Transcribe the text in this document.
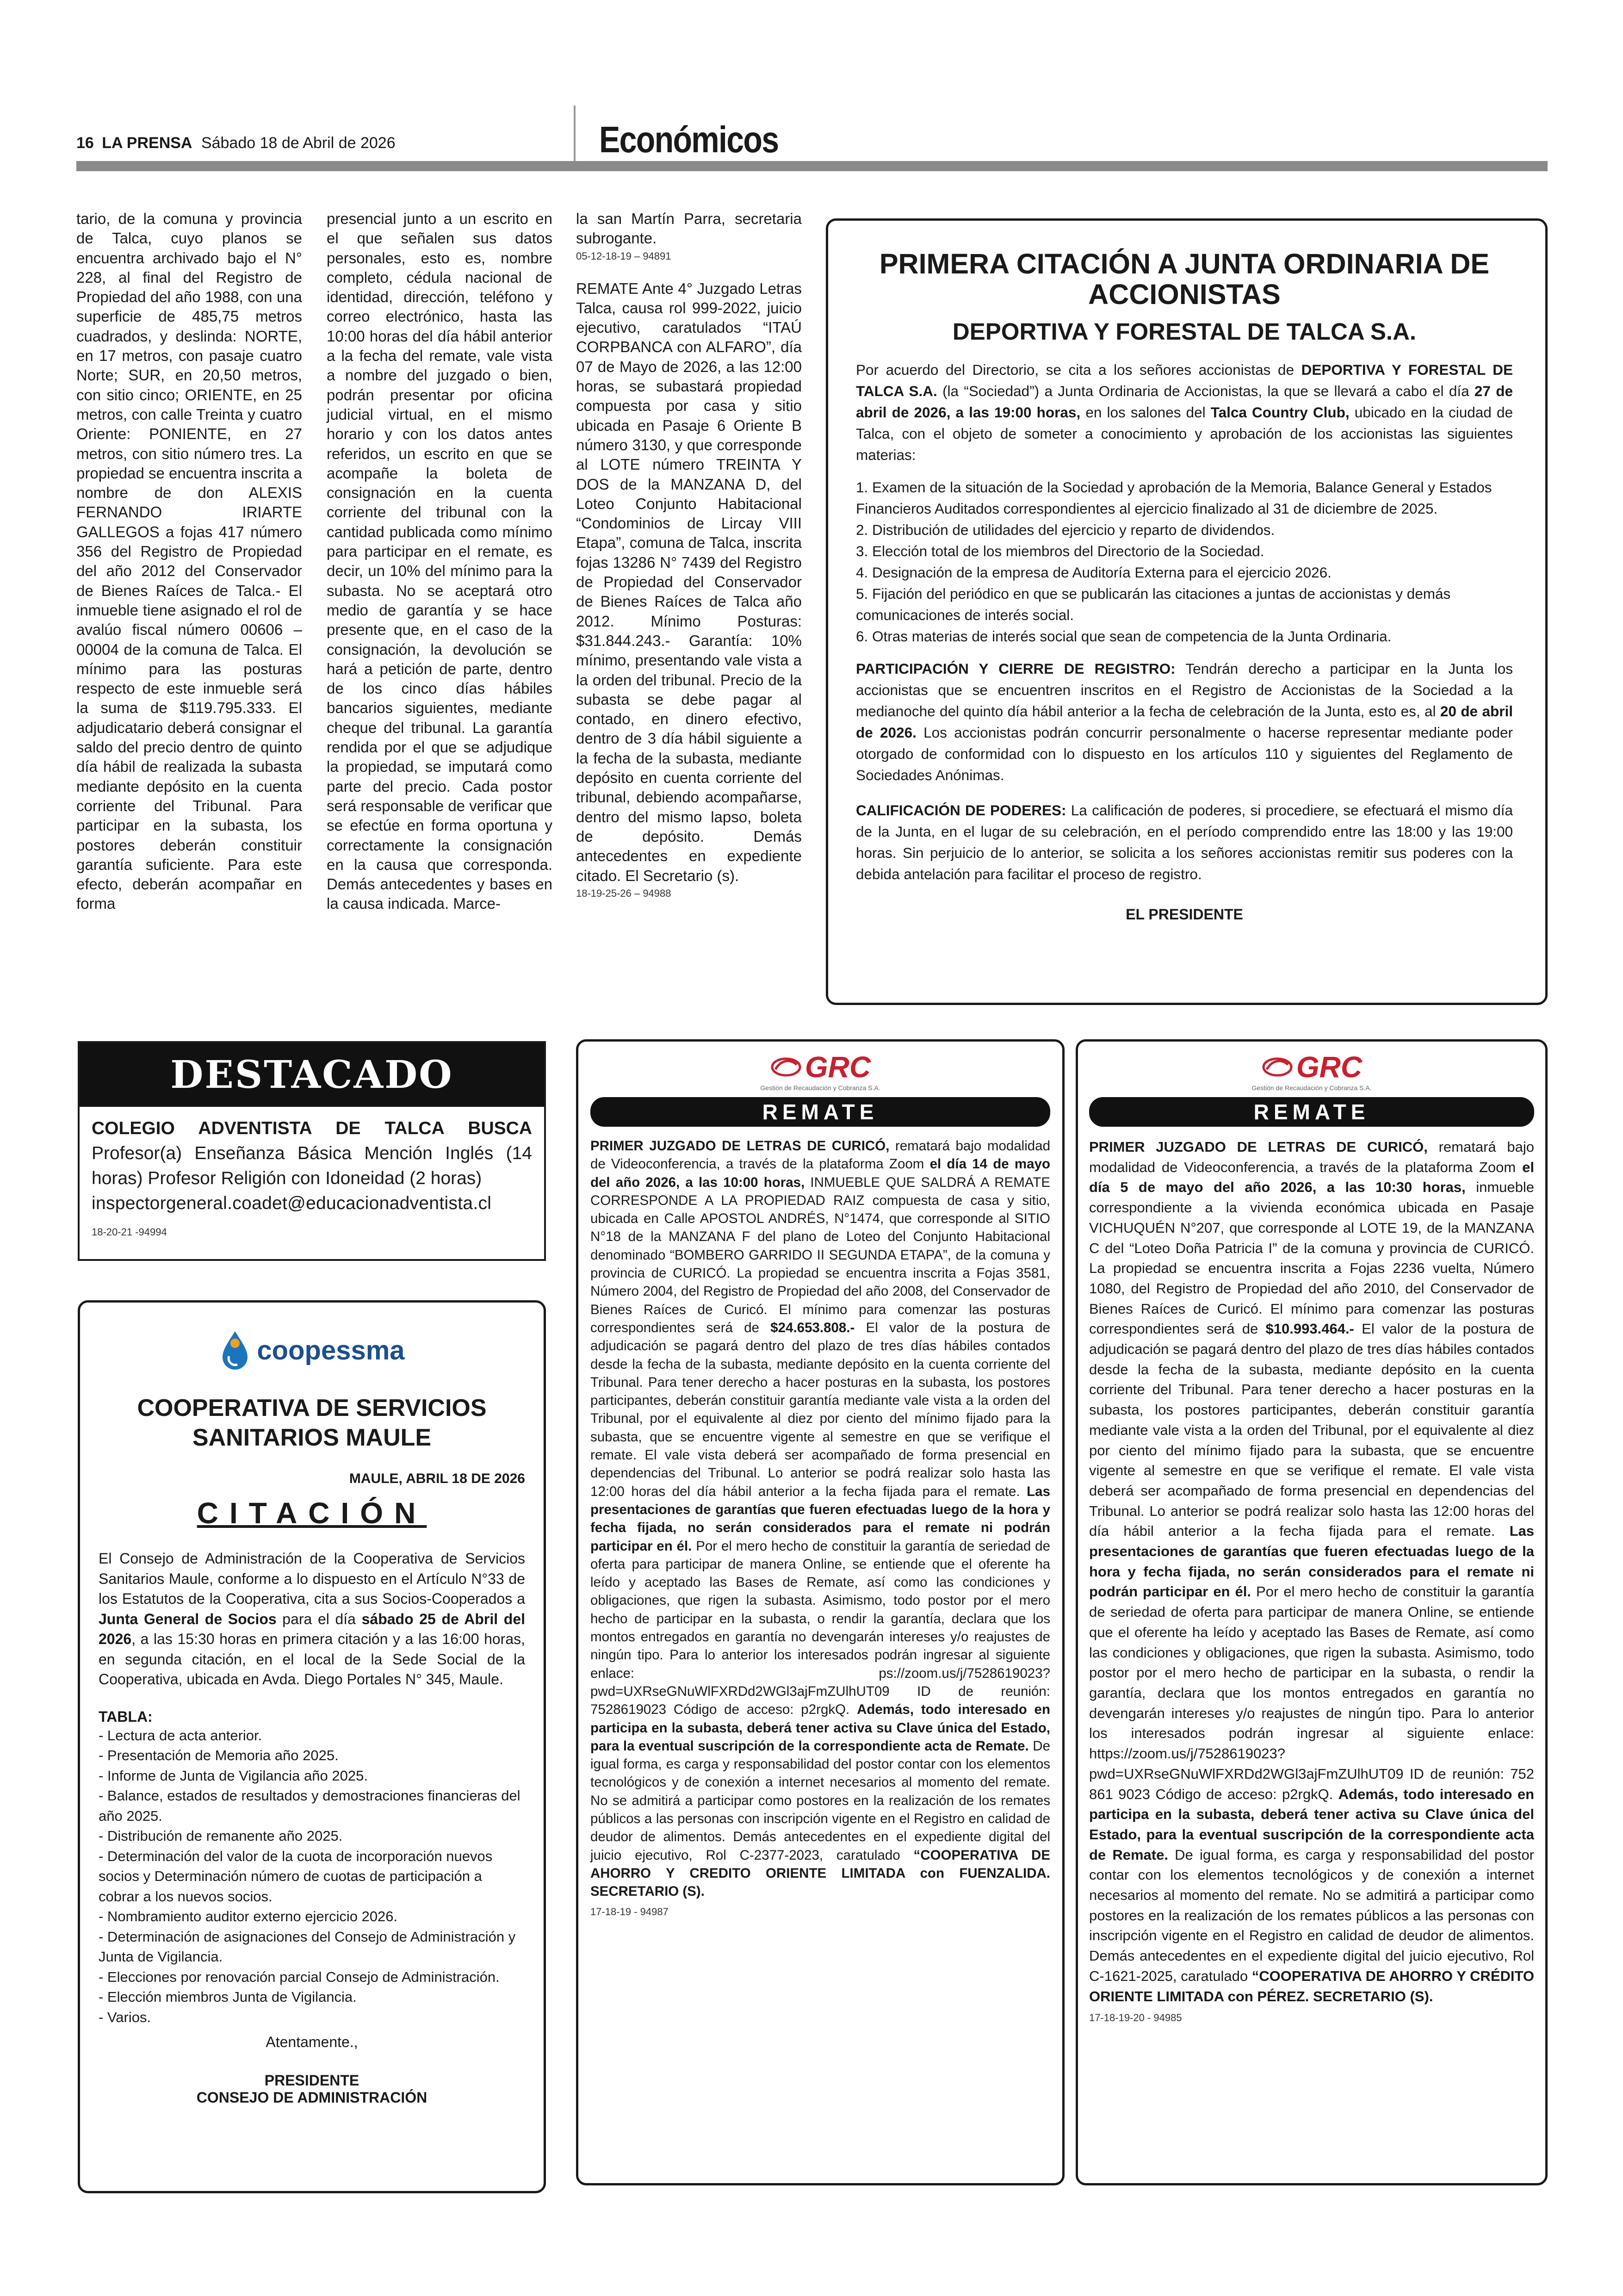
16 LA PRENSA Sábado 18 de Abril de 2026	Económicos
tario, de la comuna y provincia de Talca, cuyo planos se encuentra archivado bajo el N° 228, al final del Registro de Propiedad del año 1988, con una superficie de 485,75 metros cuadrados, y deslinda: NORTE, en 17 metros, con pasaje cuatro Norte; SUR, en 20,50 metros, con sitio cinco; ORIENTE, en 25 metros, con calle Treinta y cuatro Oriente: PONIENTE, en 27 metros, con sitio número tres. La propiedad se encuentra inscrita a nombre de don ALEXIS FERNANDO IRIARTE GALLEGOS a fojas 417 número 356 del Registro de Propiedad del año 2012 del Conservador de Bienes Raíces de Talca.- El inmueble tiene asignado el rol de avalúo fiscal número 00606 – 00004 de la comuna de Talca. El mínimo para las posturas respecto de este inmueble será la suma de $119.795.333. El adjudicatario deberá consignar el saldo del precio dentro de quinto día hábil de realizada la subasta mediante depósito en la cuenta corriente del Tribunal. Para participar en la subasta, los postores deberán constituir garantía suficiente. Para este efecto, deberán acompañar en forma
presencial junto a un escrito en el que señalen sus datos personales, esto es, nombre completo, cédula nacional de identidad, dirección, teléfono y correo electrónico, hasta las 10:00 horas del día hábil anterior a la fecha del remate, vale vista a nombre del juzgado o bien, podrán presentar por oficina judicial virtual, en el mismo horario y con los datos antes referidos, un escrito en que se acompañe la boleta de consignación en la cuenta corriente del tribunal con la cantidad publicada como mínimo para participar en el remate, es decir, un 10% del mínimo para la subasta. No se aceptará otro medio de garantía y se hace presente que, en el caso de la consignación, la devolución se hará a petición de parte, dentro de los cinco días hábiles bancarios siguientes, mediante cheque del tribunal. La garantía rendida por el que se adjudique la propiedad, se imputará como parte del precio. Cada postor será responsable de verificar que se efectúe en forma oportuna y correctamente la consignación en la causa que corresponda. Demás antecedentes y bases en la causa indicada. Marce-
la san Martín Parra, secretaria subrogante.
05-12-18-19 – 94891
REMATE Ante 4° Juzgado Letras Talca, causa rol 999-2022, juicio ejecutivo, caratulados “ITAÚ CORPBANCA con ALFARO”, día 07 de Mayo de 2026, a las 12:00 horas, se subastará propiedad compuesta por casa y sitio ubicada en Pasaje 6 Oriente B número 3130, y que corresponde al LOTE número TREINTA Y DOS de la MANZANA D, del Loteo Conjunto Habitacional “Condominios de Lircay VIII Etapa”, comuna de Talca, inscrita fojas 13286 N° 7439 del Registro de Propiedad del Conservador de Bienes Raíces de Talca año 2012. Mínimo Posturas: $31.844.243.- Garantía: 10% mínimo, presentando vale vista a la orden del tribunal. Precio de la subasta se debe pagar al contado, en dinero efectivo, dentro de 3 día hábil siguiente a la fecha de la subasta, mediante depósito en cuenta corriente del tribunal, debiendo acompañarse, dentro del mismo lapso, boleta de depósito. Demás antecedentes en expediente citado. El Secretario (s).
18-19-25-26 – 94988
PRIMERA CITACIÓN A JUNTA ORDINARIA DE ACCIONISTAS
DEPORTIVA Y FORESTAL DE TALCA S.A.
Por acuerdo del Directorio, se cita a los señores accionistas de DEPORTIVA Y FORESTAL DE TALCA S.A. (la “Sociedad”) a Junta Ordinaria de Accionistas, la que se llevará a cabo el día 27 de abril de 2026, a las 19:00 horas, en los salones del Talca Country Club, ubicado en la ciudad de Talca, con el objeto de someter a conocimiento y aprobación de los accionistas las siguientes materias:
1. Examen de la situación de la Sociedad y aprobación de la Memoria, Balance General y Estados Financieros Auditados correspondientes al ejercicio finalizado al 31 de diciembre de 2025.
2. Distribución de utilidades del ejercicio y reparto de dividendos.
3. Elección total de los miembros del Directorio de la Sociedad.
4. Designación de la empresa de Auditoría Externa para el ejercicio 2026.
5. Fijación del periódico en que se publicarán las citaciones a juntas de accionistas y demás comunicaciones de interés social.
6. Otras materias de interés social que sean de competencia de la Junta Ordinaria.
PARTICIPACIÓN Y CIERRE DE REGISTRO: Tendrán derecho a participar en la Junta los accionistas que se encuentren inscritos en el Registro de Accionistas de la Sociedad a la medianoche del quinto día hábil anterior a la fecha de celebración de la Junta, esto es, al 20 de abril de 2026. Los accionistas podrán concurrir personalmente o hacerse representar mediante poder otorgado de conformidad con lo dispuesto en los artículos 110 y siguientes del Reglamento de Sociedades Anónimas.
CALIFICACIÓN DE PODERES: La calificación de poderes, si procediere, se efectuará el mismo día de la Junta, en el lugar de su celebración, en el período comprendido entre las 18:00 y las 19:00 horas. Sin perjuicio de lo anterior, se solicita a los señores accionistas remitir sus poderes con la debida antelación para facilitar el proceso de registro.
EL PRESIDENTE
DESTACADO
COLEGIO ADVENTISTA DE TALCA BUSCA Profesor(a) Enseñanza Básica Mención Inglés (14 horas) Profesor Religión con Idoneidad (2 horas)
inspectorgeneral.coadet@educacionadventista.cl
18-20-21 -94994
coopessma
COOPERATIVA DE SERVICIOS SANITARIOS MAULE
MAULE, ABRIL 18 DE 2026
CITACIÓN
El Consejo de Administración de la Cooperativa de Servicios Sanitarios Maule, conforme a lo dispuesto en el Artículo N°33 de los Estatutos de la Cooperativa, cita a sus Socios-Cooperados a Junta General de Socios para el día sábado 25 de Abril del 2026, a las 15:30 horas en primera citación y a las 16:00 horas, en segunda citación, en el local de la Sede Social de la Cooperativa, ubicada en Avda. Diego Portales N° 345, Maule.
TABLA:
- Lectura de acta anterior.
- Presentación de Memoria año 2025.
- Informe de Junta de Vigilancia año 2025.
- Balance, estados de resultados y demostraciones financieras del año 2025.
- Distribución de remanente año 2025.
- Determinación del valor de la cuota de incorporación nuevos socios y Determinación número de cuotas de participación a cobrar a los nuevos socios.
- Nombramiento auditor externo ejercicio 2026.
- Determinación de asignaciones del Consejo de Administración y Junta de Vigilancia.
- Elecciones por renovación parcial Consejo de Administración.
- Elección miembros Junta de Vigilancia.
- Varios.
Atentamente.,
PRESIDENTE
CONSEJO DE ADMINISTRACIÓN
GRC
Gestión de Recaudación y Cobranza S.A.
REMATE
PRIMER JUZGADO DE LETRAS DE CURICÓ, rematará bajo modalidad de Videoconferencia, a través de la plataforma Zoom el día 14 de mayo del año 2026, a las 10:00 horas, INMUEBLE QUE SALDRÁ A REMATE CORRESPONDE A LA PROPIEDAD RAIZ compuesta de casa y sitio, ubicada en Calle APOSTOL ANDRÉS, N°1474, que corresponde al SITIO N°18 de la MANZANA F del plano de Loteo del Conjunto Habitacional denominado “BOMBERO GARRIDO II SEGUNDA ETAPA”, de la comuna y provincia de CURICÓ. La propiedad se encuentra inscrita a Fojas 3581, Número 2004, del Registro de Propiedad del año 2008, del Conservador de Bienes Raíces de Curicó. El mínimo para comenzar las posturas correspondientes será de $24.653.808.- El valor de la postura de adjudicación se pagará dentro del plazo de tres días hábiles contados desde la fecha de la subasta, mediante depósito en la cuenta corriente del Tribunal. Para tener derecho a hacer posturas en la subasta, los postores participantes, deberán constituir garantía mediante vale vista a la orden del Tribunal, por el equivalente al diez por ciento del mínimo fijado para la subasta, que se encuentre vigente al semestre en que se verifique el remate. El vale vista deberá ser acompañado de forma presencial en dependencias del Tribunal. Lo anterior se podrá realizar solo hasta las 12:00 horas del día hábil anterior a la fecha fijada para el remate. Las presentaciones de garantías que fueren efectuadas luego de la hora y fecha fijada, no serán considerados para el remate ni podrán participar en él. Por el mero hecho de constituir la garantía de seriedad de oferta para participar de manera Online, se entiende que el oferente ha leído y aceptado las Bases de Remate, así como las condiciones y obligaciones, que rigen la subasta. Asimismo, todo postor por el mero hecho de participar en la subasta, o rendir la garantía, declara que los montos entregados en garantía no devengarán intereses y/o reajustes de ningún tipo. Para lo anterior los interesados podrán ingresar al siguiente enlace: ps://zoom.us/j/7528619023?pwd=UXRseGNuWlFXRDd2WGl3ajFmZUlhUT09 ID de reunión: 7528619023 Código de acceso: p2rgkQ. Además, todo interesado en participa en la subasta, deberá tener activa su Clave única del Estado, para la eventual suscripción de la correspondiente acta de Remate. De igual forma, es carga y responsabilidad del postor contar con los elementos tecnológicos y de conexión a internet necesarios al momento del remate. No se admitirá a participar como postores en la realización de los remates públicos a las personas con inscripción vigente en el Registro en calidad de deudor de alimentos. Demás antecedentes en el expediente digital del juicio ejecutivo, Rol C-2377-2023, caratulado “COOPERATIVA DE AHORRO Y CREDITO ORIENTE LIMITADA con FUENZALIDA. SECRETARIO (S).
17-18-19 - 94987
GRC
Gestión de Recaudación y Cobranza S.A.
REMATE
PRIMER JUZGADO DE LETRAS DE CURICÓ, rematará bajo modalidad de Videoconferencia, a través de la plataforma Zoom el día 5 de mayo del año 2026, a las 10:30 horas, inmueble correspondiente a la vivienda económica ubicada en Pasaje VICHUQUÉN N°207, que corresponde al LOTE 19, de la MANZANA C del “Loteo Doña Patricia I” de la comuna y provincia de CURICÓ. La propiedad se encuentra inscrita a Fojas 2236 vuelta, Número 1080, del Registro de Propiedad del año 2010, del Conservador de Bienes Raíces de Curicó. El mínimo para comenzar las posturas correspondientes será de $10.993.464.- El valor de la postura de adjudicación se pagará dentro del plazo de tres días hábiles contados desde la fecha de la subasta, mediante depósito en la cuenta corriente del Tribunal. Para tener derecho a hacer posturas en la subasta, los postores participantes, deberán constituir garantía mediante vale vista a la orden del Tribunal, por el equivalente al diez por ciento del mínimo fijado para la subasta, que se encuentre vigente al semestre en que se verifique el remate. El vale vista deberá ser acompañado de forma presencial en dependencias del Tribunal. Lo anterior se podrá realizar solo hasta las 12:00 horas del día hábil anterior a la fecha fijada para el remate. Las presentaciones de garantías que fueren efectuadas luego de la hora y fecha fijada, no serán considerados para el remate ni podrán participar en él. Por el mero hecho de constituir la garantía de seriedad de oferta para participar de manera Online, se entiende que el oferente ha leído y aceptado las Bases de Remate, así como las condiciones y obligaciones, que rigen la subasta. Asimismo, todo postor por el mero hecho de participar en la subasta, o rendir la garantía, declara que los montos entregados en garantía no devengarán intereses y/o reajustes de ningún tipo. Para lo anterior los interesados podrán ingresar al siguiente enlace: https://zoom.us/j/7528619023?pwd=UXRseGNuWlFXRDd2WGl3ajFmZUlhUT09 ID de reunión: 752 861 9023 Código de acceso: p2rgkQ. Además, todo interesado en participa en la subasta, deberá tener activa su Clave única del Estado, para la eventual suscripción de la correspondiente acta de Remate. De igual forma, es carga y responsabilidad del postor contar con los elementos tecnológicos y de conexión a internet necesarios al momento del remate. No se admitirá a participar como postores en la realización de los remates públicos a las personas con inscripción vigente en el Registro en calidad de deudor de alimentos. Demás antecedentes en el expediente digital del juicio ejecutivo, Rol C-1621-2025, caratulado “COOPERATIVA DE AHORRO Y CRÉDITO ORIENTE LIMITADA con PÉREZ. SECRETARIO (S).
17-18-19-20 - 94985
